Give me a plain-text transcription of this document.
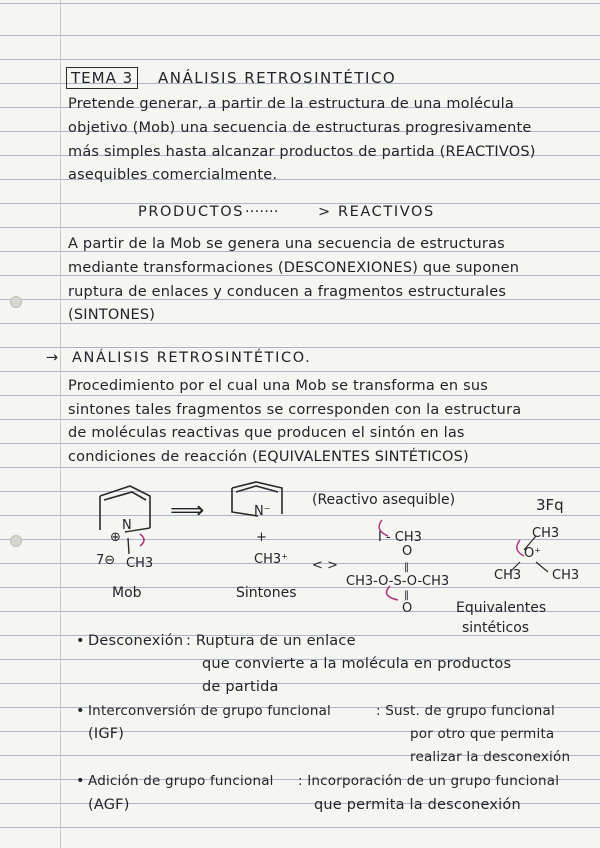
TEMA 3	ANÁLISIS RETROSINTÉTICO
Pretende generar, a partir de la estructura de una molécula
objetivo (Mob) una secuencia de estructuras progresivamente
más simples hasta alcanzar productos de partida (REACTIVOS)
asequibles comercialmente.
PRODUCTOS ·······	> REACTIVOS
A partir de la Mob se genera una secuencia de estructuras
mediante transformaciones (DESCONEXIONES) que suponen
ruptura de enlaces y conducen a fragmentos estructurales
(SINTONES)
→ ANÁLISIS RETROSINTÉTICO.
Procedimiento por el cual una Mob se transforma en sus
sintones tales fragmentos se corresponden con la estructura
de moléculas reactivas que producen el sintón en las
condiciones de reacción (EQUIVALENTES SINTÉTICOS)
N
⊕
7⊖ CH3
⟹	N⁻
(Reactivo asequible)	3Fq
+
CH3⁺ < >
I - CH3
O
‖
CH3-O-S-O-CH3
‖
O
CH3
O⁺
CH3 CH3
Mob	Sintones
Equivalentes
sintéticos
• Desconexión : Ruptura de un enlace
que convierte a la molécula en productos
de partida
• Interconversión de grupo funcional	: Sust. de grupo funcional
(IGF)	por otro que permita
realizar la desconexión
• Adición de grupo funcional : Incorporación de un grupo funcional
(AGF)	que permita la desconexión
